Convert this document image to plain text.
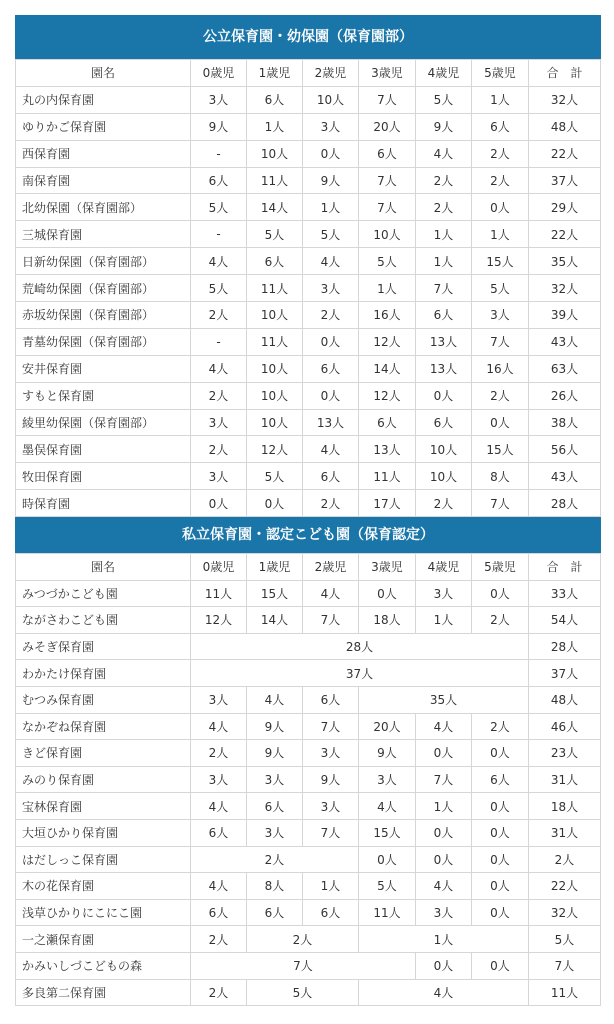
公立保育園・幼保園（保育園部）
園名	0歳児	1歳児	2歳児	3歳児	4歳児	5歳児	合　計
丸の内保育園	3人	6人	10人	7人	5人	1人	32人
ゆりかご保育園	9人	1人	3人	20人	9人	6人	48人
西保育園	-	10人	0人	6人	4人	2人	22人
南保育園	6人	11人	9人	7人	2人	2人	37人
北幼保園（保育園部）	5人	14人	1人	7人	2人	0人	29人
三城保育園	-	5人	5人	10人	1人	1人	22人
日新幼保園（保育園部）	4人	6人	4人	5人	1人	15人	35人
荒崎幼保園（保育園部）	5人	11人	3人	1人	7人	5人	32人
赤坂幼保園（保育園部）	2人	10人	2人	16人	6人	3人	39人
青墓幼保園（保育園部）	-	11人	0人	12人	13人	7人	43人
安井保育園	4人	10人	6人	14人	13人	16人	63人
すもと保育園	2人	10人	0人	12人	0人	2人	26人
綾里幼保園（保育園部）	3人	10人	13人	6人	6人	0人	38人
墨俣保育園	2人	12人	4人	13人	10人	15人	56人
牧田保育園	3人	5人	6人	11人	10人	8人	43人
時保育園	0人	0人	2人	17人	2人	7人	28人
私立保育園・認定こども園（保育認定）
園名	0歳児	1歳児	2歳児	3歳児	4歳児	5歳児	合　計
みつづかこども園	11人	15人	4人	0人	3人	0人	33人
ながさわこども園	12人	14人	7人	18人	1人	2人	54人
みそぎ保育園	28人						28人
わかたけ保育園	37人						37人
むつみ保育園	3人	4人	6人	35人			48人
なかぞね保育園	4人	9人	7人	20人	4人	2人	46人
きど保育園	2人	9人	3人	9人	0人	0人	23人
みのり保育園	3人	3人	9人	3人	7人	6人	31人
宝林保育園	4人	6人	3人	4人	1人	0人	18人
大垣ひかり保育園	6人	3人	7人	15人	0人	0人	31人
はだしっこ保育園	2人			0人	0人	0人	2人
木の花保育園	4人	8人	1人	5人	4人	0人	22人
浅草ひかりにこにこ園	6人	6人	6人	11人	3人	0人	32人
一之瀬保育園	2人	2人		1人			5人
かみいしづこどもの森	7人				0人	0人	7人
多良第二保育園	2人	5人		4人			11人
